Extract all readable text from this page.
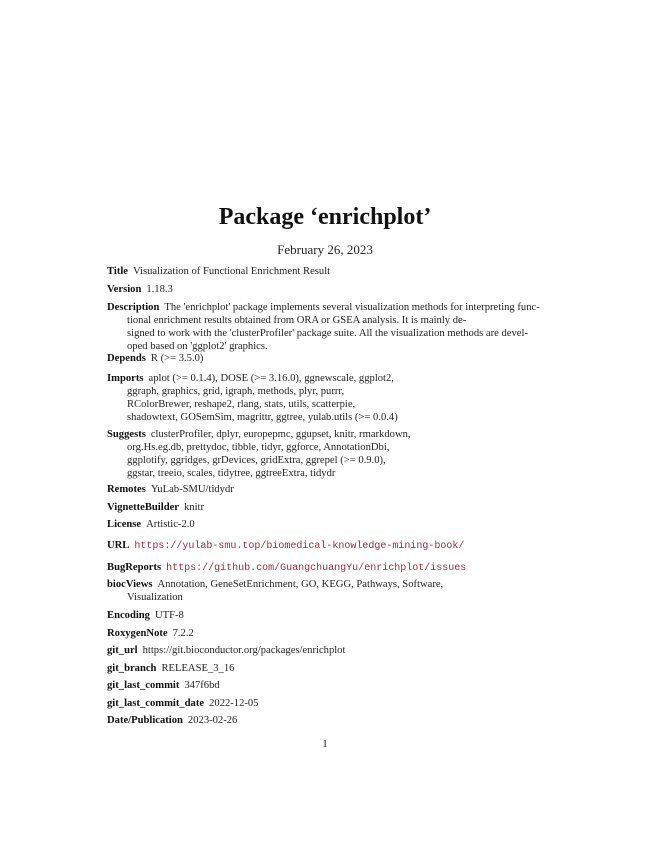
Package ‘enrichplot’
February 26, 2023
Title Visualization of Functional Enrichment Result
Version 1.18.3
Description The 'enrichplot' package implements several visualization methods for interpreting func-
tional enrichment results obtained from ORA or GSEA analysis. It is mainly de-
signed to work with the 'clusterProfiler' package suite. All the visualization methods are devel-
oped based on 'ggplot2' graphics.
Depends R (>= 3.5.0)
Imports aplot (>= 0.1.4), DOSE (>= 3.16.0), ggnewscale, ggplot2,
ggraph, graphics, grid, igraph, methods, plyr, purrr,
RColorBrewer, reshape2, rlang, stats, utils, scatterpie,
shadowtext, GOSemSim, magrittr, ggtree, yulab.utils (>= 0.0.4)
Suggests clusterProfiler, dplyr, europepmc, ggupset, knitr, rmarkdown,
org.Hs.eg.db, prettydoc, tibble, tidyr, ggforce, AnnotationDbi,
ggplotify, ggridges, grDevices, gridExtra, ggrepel (>= 0.9.0),
ggstar, treeio, scales, tidytree, ggtreeExtra, tidydr
Remotes YuLab-SMU/tidydr
VignetteBuilder knitr
License Artistic-2.0
URL https://yulab-smu.top/biomedical-knowledge-mining-book/
BugReports https://github.com/GuangchuangYu/enrichplot/issues
biocViews Annotation, GeneSetEnrichment, GO, KEGG, Pathways, Software,
Visualization
Encoding UTF-8
RoxygenNote 7.2.2
git_url https://git.bioconductor.org/packages/enrichplot
git_branch RELEASE_3_16
git_last_commit 347f6bd
git_last_commit_date 2022-12-05
Date/Publication 2023-02-26
1
